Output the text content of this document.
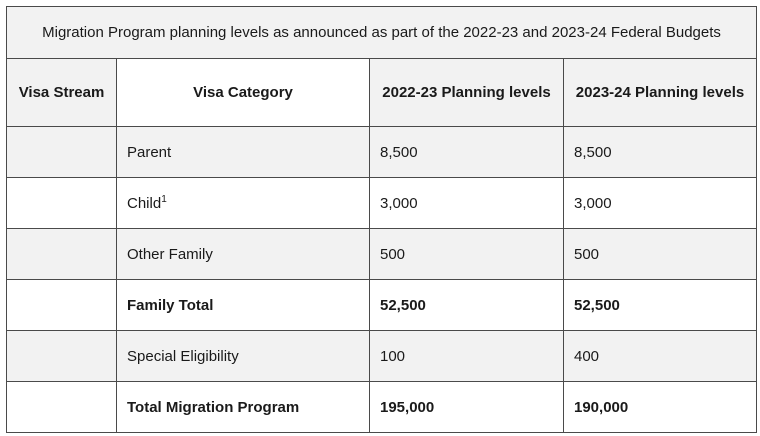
Migration Program planning levels as announced as part of the 2022-23 and 2023-24 Federal Budgets			
Visa Stream	Visa Category	2022-23 Planning levels	2023-24 Planning levels
	Parent	8,500	8,500
	Child$^1$	3,000	3,000
	Other Family	500	500
	Family Total	52,500	52,500
	Special Eligibility	100	400
	Total Migration Program	195,000	190,000
